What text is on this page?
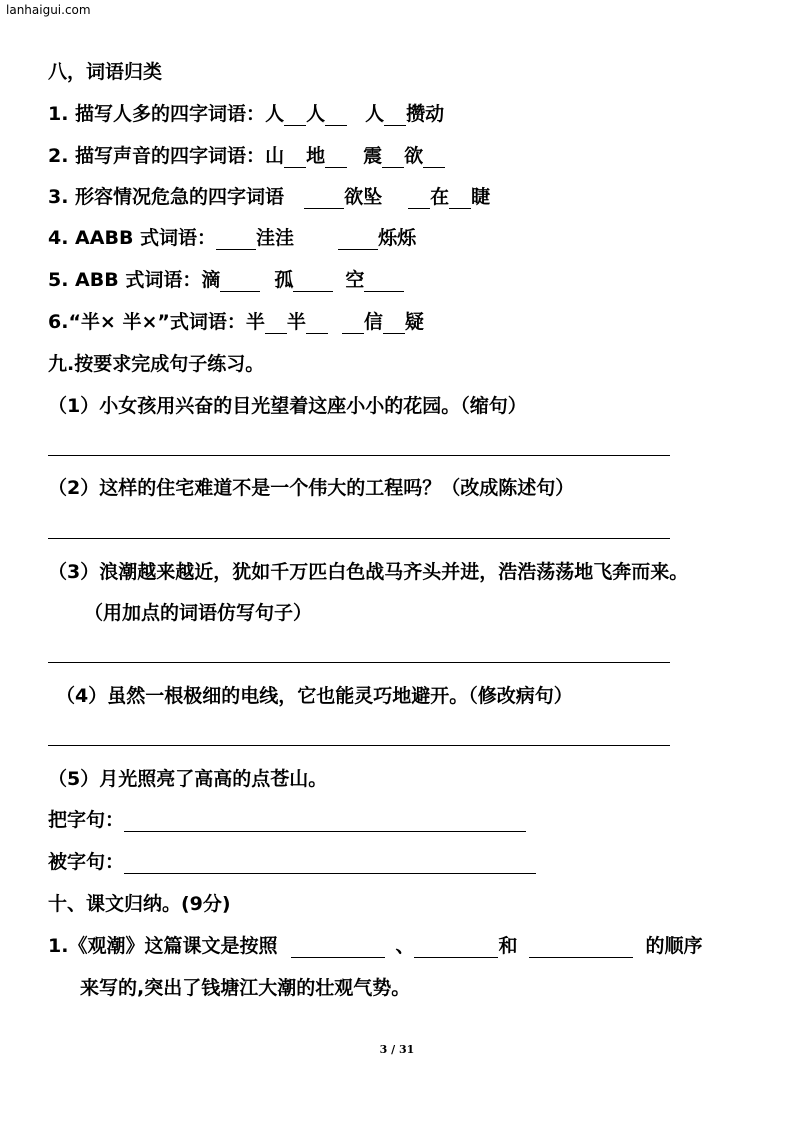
lanhaigui.com
八，词语归类
1. 描写人多的四字词语：人 人 人 攒动
2. 描写声音的四字词语：山 地 震 欲
3. 形容情况危急的四字词语	欲坠	在 睫
4. AABB 式词语： 洼洼	烁烁
5. ABB 式词语：滴	孤	空
6.“半× 半×”式词语：半 半	信 疑
九.按要求完成句子练习。
（1）小女孩用兴奋的目光望着这座小小的花园。（缩句）
（2）这样的住宅难道不是一个伟大的工程吗？（改成陈述句）
（3）浪潮越来越近，犹如千万匹白色战马齐头并进，浩浩荡荡地飞奔而来。
（用加点的词语仿写句子）
（4）虽然一根极细的电线，它也能灵巧地避开。（修改病句）
（5）月光照亮了高高的点苍山。
把字句：
被字句：
十、课文归纳。(9分)
1.《观潮》这篇课文是按照	、	和	的顺序
来写的,突出了钱塘江大潮的壮观气势。
3 / 31
